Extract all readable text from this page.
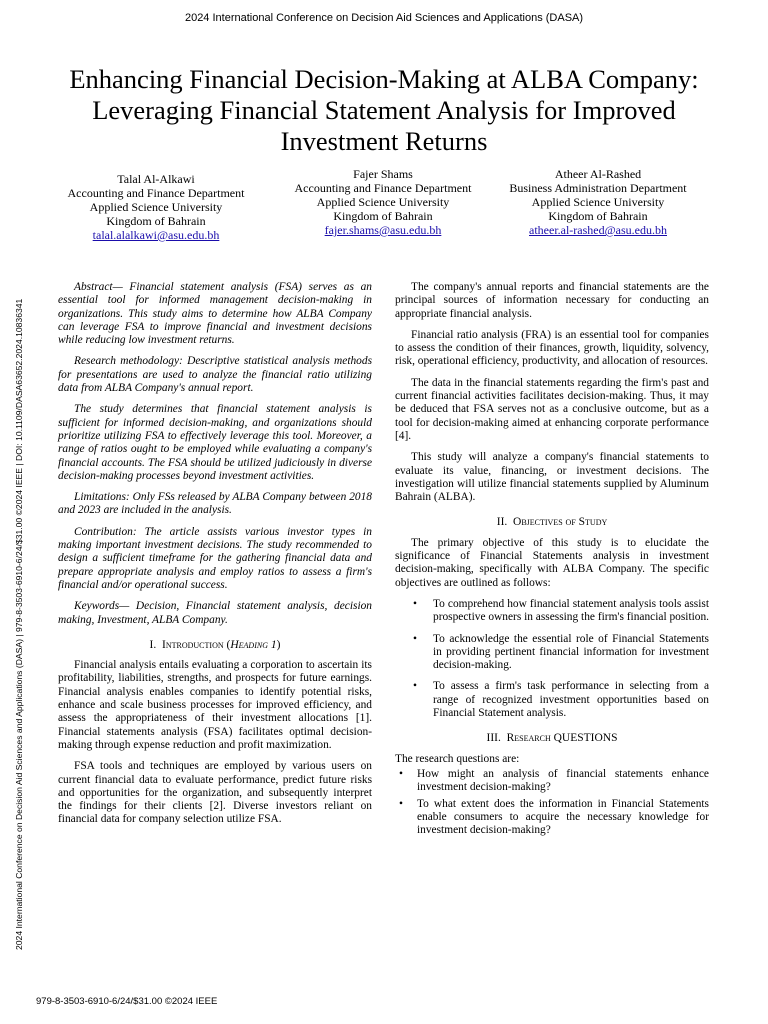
2024 International Conference on Decision Aid Sciences and Applications (DASA)
Enhancing Financial Decision-Making at ALBA Company: Leveraging Financial Statement Analysis for Improved Investment Returns
Talal Al-Alkawi
Accounting and Finance Department
Applied Science University
Kingdom of Bahrain
talal.alalkawi@asu.edu.bh
Fajer Shams
Accounting and Finance Department
Applied Science University
Kingdom of Bahrain
fajer.shams@asu.edu.bh
Atheer Al-Rashed
Business Administration Department
Applied Science University
Kingdom of Bahrain
atheer.al-rashed@asu.edu.bh
2024 International Conference on Decision Aid Sciences and Applications (DASA) | 979-8-3503-6910-6/24/$31.00 ©2024 IEEE | DOI: 10.1109/DASA63652.2024.10836341

Abstract— Financial statement analysis (FSA) serves as an essential tool for informed management decision-making in organizations. This study aims to determine how ALBA Company can leverage FSA to improve financial and investment decisions while reducing low investment returns.

Research methodology: Descriptive statistical analysis methods for presentations are used to analyze the financial ratio utilizing data from ALBA Company's annual report.

The study determines that financial statement analysis is sufficient for informed decision-making, and organizations should prioritize utilizing FSA to effectively leverage this tool. Moreover, a range of ratios ought to be employed while evaluating a company's financial accounts. The FSA should be utilized judiciously in diverse decision-making processes beyond investment activities.

Limitations: Only FSs released by ALBA Company between 2018 and 2023 are included in the analysis.

Contribution: The article assists various investor types in making important investment decisions. The study recommended to design a sufficient timeframe for the gathering financial data and prepare appropriate analysis and employ ratios to assess a firm's financial and/or operational success.

Keywords— Decision, Financial statement analysis, decision making, Investment, ALBA Company.

I. Introduction (Heading 1)

Financial analysis entails evaluating a corporation to ascertain its profitability, liabilities, strengths, and prospects for future earnings. Financial analysis enables companies to identify potential risks, enhance and scale business processes for improved efficiency, and assess the appropriateness of their investment allocations [1]. Financial statements analysis (FSA) facilitates optimal decision-making through expense reduction and profit maximization.

FSA tools and techniques are employed by various users on current financial data to evaluate performance, predict future risks and opportunities for the organization, and subsequently interpret the findings for their clients [2]. Diverse investors reliant on financial data for company selection utilize FSA.

The company's annual reports and financial statements are the principal sources of information necessary for conducting an appropriate financial analysis.

Financial ratio analysis (FRA) is an essential tool for companies to assess the condition of their finances, growth, liquidity, solvency, risk, operational efficiency, productivity, and allocation of resources.

The data in the financial statements regarding the firm's past and current financial activities facilitates decision-making. Thus, it may be deduced that FSA serves not as a conclusive outcome, but as a tool for decision-making aimed at enhancing corporate performance [4].

This study will analyze a company's financial statements to evaluate its value, financing, or investment decisions. The investigation will utilize financial statements supplied by Aluminum Bahrain (ALBA).

II. Objectives of Study

The primary objective of this study is to elucidate the significance of Financial Statements analysis in investment decision-making, specifically with ALBA Company. The specific objectives are outlined as follows:

• To comprehend how financial statement analysis tools assist prospective owners in assessing the firm's financial position.
• To acknowledge the essential role of Financial Statements in providing pertinent financial information for investment decision-making.
• To assess a firm's task performance in selecting from a range of recognized investment opportunities based on Financial Statement analysis.
III. Research QUESTIONS

The research questions are:

• How might an analysis of financial statements enhance investment decision-making?
• To what extent does the information in Financial Statements enable consumers to acquire the necessary knowledge for investment decision-making?
979-8-3503-6910-6/24/$31.00 ©2024 IEEE
